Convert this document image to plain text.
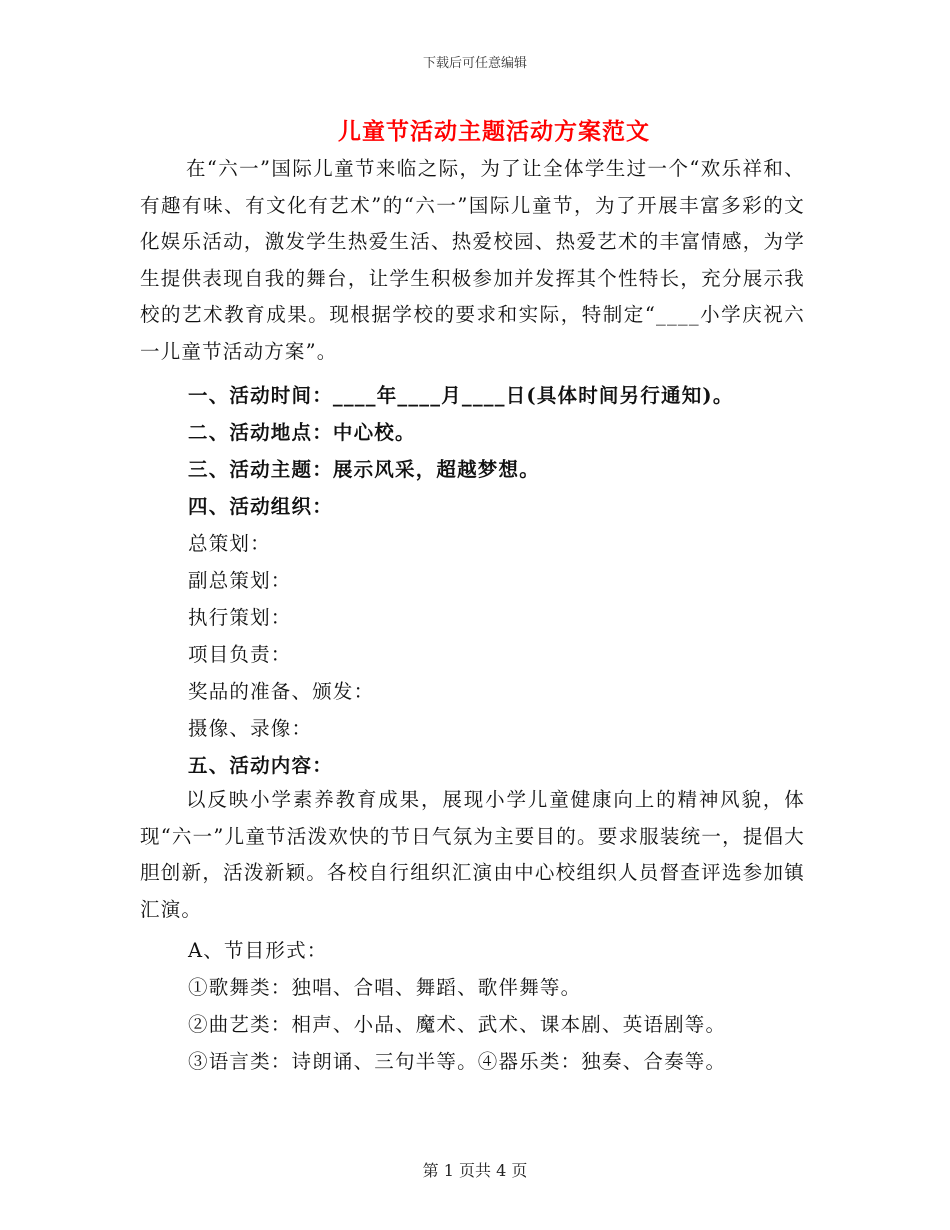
下载后可任意编辑
儿童节活动主题活动方案范文
在“六一”国际儿童节来临之际，为了让全体学生过一个“欢乐祥和、有趣有味、有文化有艺术”的“六一”国际儿童节，为了开展丰富多彩的文化娱乐活动，激发学生热爱生活、热爱校园、热爱艺术的丰富情感，为学生提供表现自我的舞台，让学生积极参加并发挥其个性特长，充分展示我校的艺术教育成果。现根据学校的要求和实际，特制定“____小学庆祝六一儿童节活动方案”。
一、活动时间：____年____月____日(具体时间另行通知)。
二、活动地点：中心校。
三、活动主题：展示风采，超越梦想。
四、活动组织：
总策划：
副总策划：
执行策划：
项目负责：
奖品的准备、颁发：
摄像、录像：
五、活动内容：
以反映小学素养教育成果，展现小学儿童健康向上的精神风貌，体现“六一”儿童节活泼欢快的节日气氛为主要目的。要求服装统一，提倡大胆创新，活泼新颖。各校自行组织汇演由中心校组织人员督查评选参加镇汇演。
A、节目形式：
①歌舞类：独唱、合唱、舞蹈、歌伴舞等。
②曲艺类：相声、小品、魔术、武术、课本剧、英语剧等。
③语言类：诗朗诵、三句半等。④器乐类：独奏、合奏等。
第 1 页共 4 页
